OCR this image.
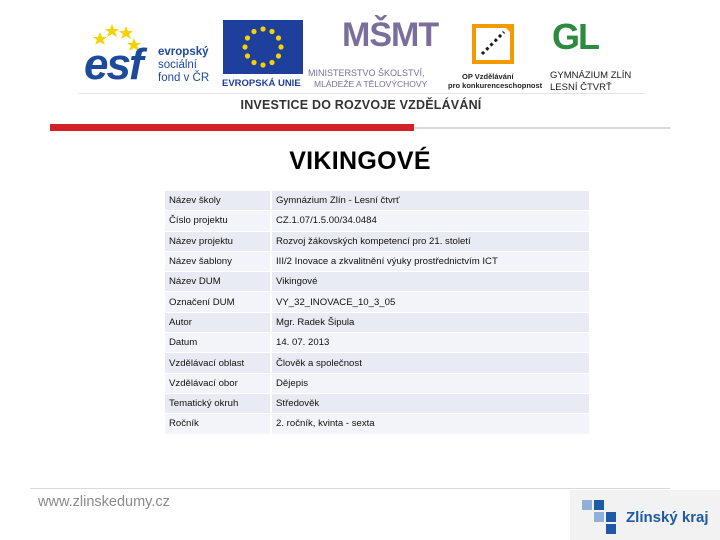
esf evropský
sociální
fond v ČR EVROPSKÁ UNIE
MŠMT
MINISTERSTVO ŠKOLSTVÍ,
MLÁDEŽE A TĚLOVÝCHOVY
OP Vzdělávání
pro konkurenceschopnost
GL
GYMNÁZIUM ZLÍN
LESNÍ ČTVRŤ
INVESTICE DO ROZVOJE VZDĚLÁVÁNÍ
VIKINGOVÉ
Název školy	Gymnázium Zlín - Lesní čtvrť
Číslo projektu	CZ.1.07/1.5.00/34.0484
Název projektu	Rozvoj žákovských kompetencí pro 21. století
Název šablony	III/2 Inovace a zkvalitnění výuky prostřednictvím ICT
Název DUM	Vikingové
Označení DUM	VY_32_INOVACE_10_3_05
Autor	Mgr. Radek Šipula
Datum	14. 07. 2013
Vzdělávací oblast	Člověk a společnost
Vzdělávací obor	Dějepis
Tematický okruh	Středověk
Ročník	2. ročník, kvinta - sexta
www.zlinskedumy.cz
Zlínský kraj
